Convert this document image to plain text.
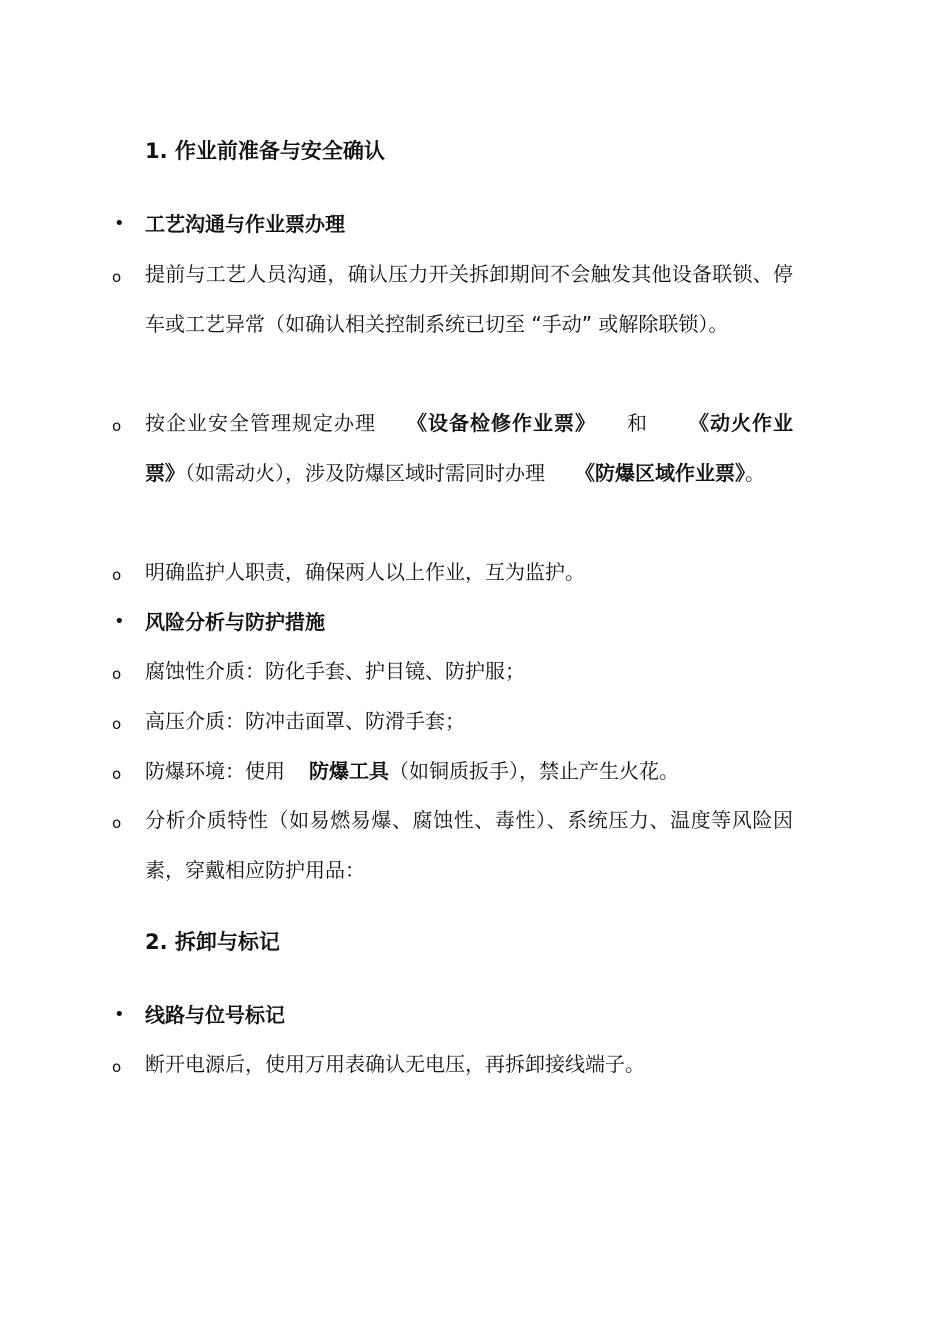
1. 作业前准备与安全确认
•	工艺沟通与作业票办理
o	提前与工艺人员沟通，确认压力开关拆卸期间不会触发其他设备联锁、停车或工艺异常（如确认相关控制系统已切至 “手动” 或解除联锁）。
o	按企业安全管理规定办理 《设备检修作业票》 和 《动火作业票》（如需动火），涉及防爆区域时需同时办理 《防爆区域作业票》。
o	明确监护人职责，确保两人以上作业，互为监护。
•	风险分析与防护措施
o	腐蚀性介质：防化手套、护目镜、防护服；
o	高压介质：防冲击面罩、防滑手套；
o	防爆环境：使用 防爆工具（如铜质扳手），禁止产生火花。
o	分析介质特性（如易燃易爆、腐蚀性、毒性）、系统压力、温度等风险因素，穿戴相应防护用品：
2. 拆卸与标记
•	线路与位号标记
o	断开电源后，使用万用表确认无电压，再拆卸接线端子。
